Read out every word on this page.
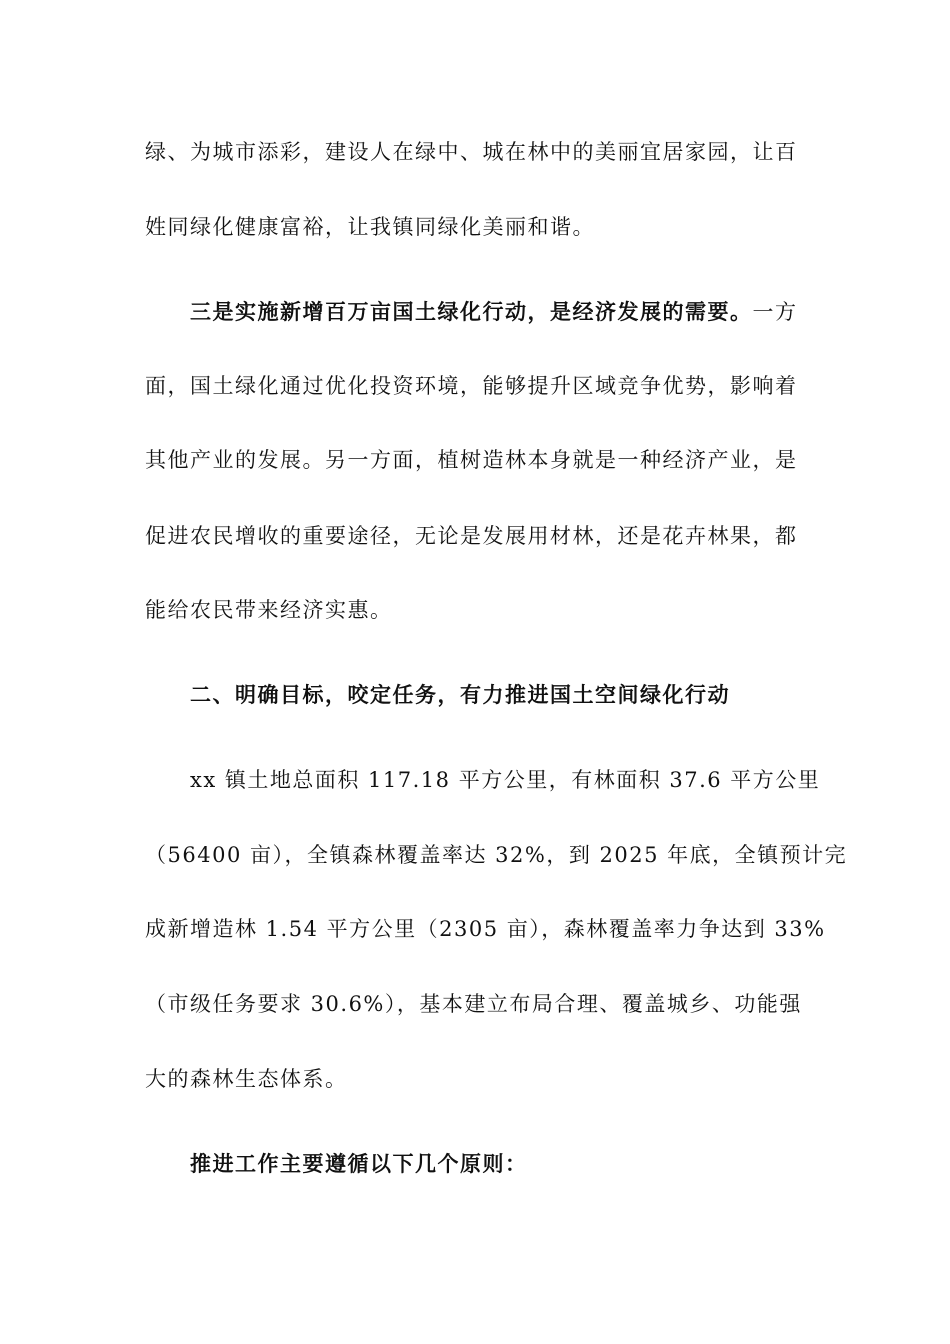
绿、为城市添彩，建设人在绿中、城在林中的美丽宜居家园，让百
姓同绿化健康富裕，让我镇同绿化美丽和谐。
三是实施新增百万亩国土绿化行动，是经济发展的需要。一方
面，国土绿化通过优化投资环境，能够提升区域竞争优势，影响着
其他产业的发展。另一方面，植树造林本身就是一种经济产业，是
促进农民增收的重要途径，无论是发展用材林，还是花卉林果，都
能给农民带来经济实惠。
二、明确目标，咬定任务，有力推进国土空间绿化行动
xx 镇土地总面积 117.18 平方公里，有林面积 37.6 平方公里
（56400 亩），全镇森林覆盖率达 32%，到 2025 年底，全镇预计完
成新增造林 1.54 平方公里（2305 亩），森林覆盖率力争达到 33%
（市级任务要求 30.6%），基本建立布局合理、覆盖城乡、功能强
大的森林生态体系。
推进工作主要遵循以下几个原则：
